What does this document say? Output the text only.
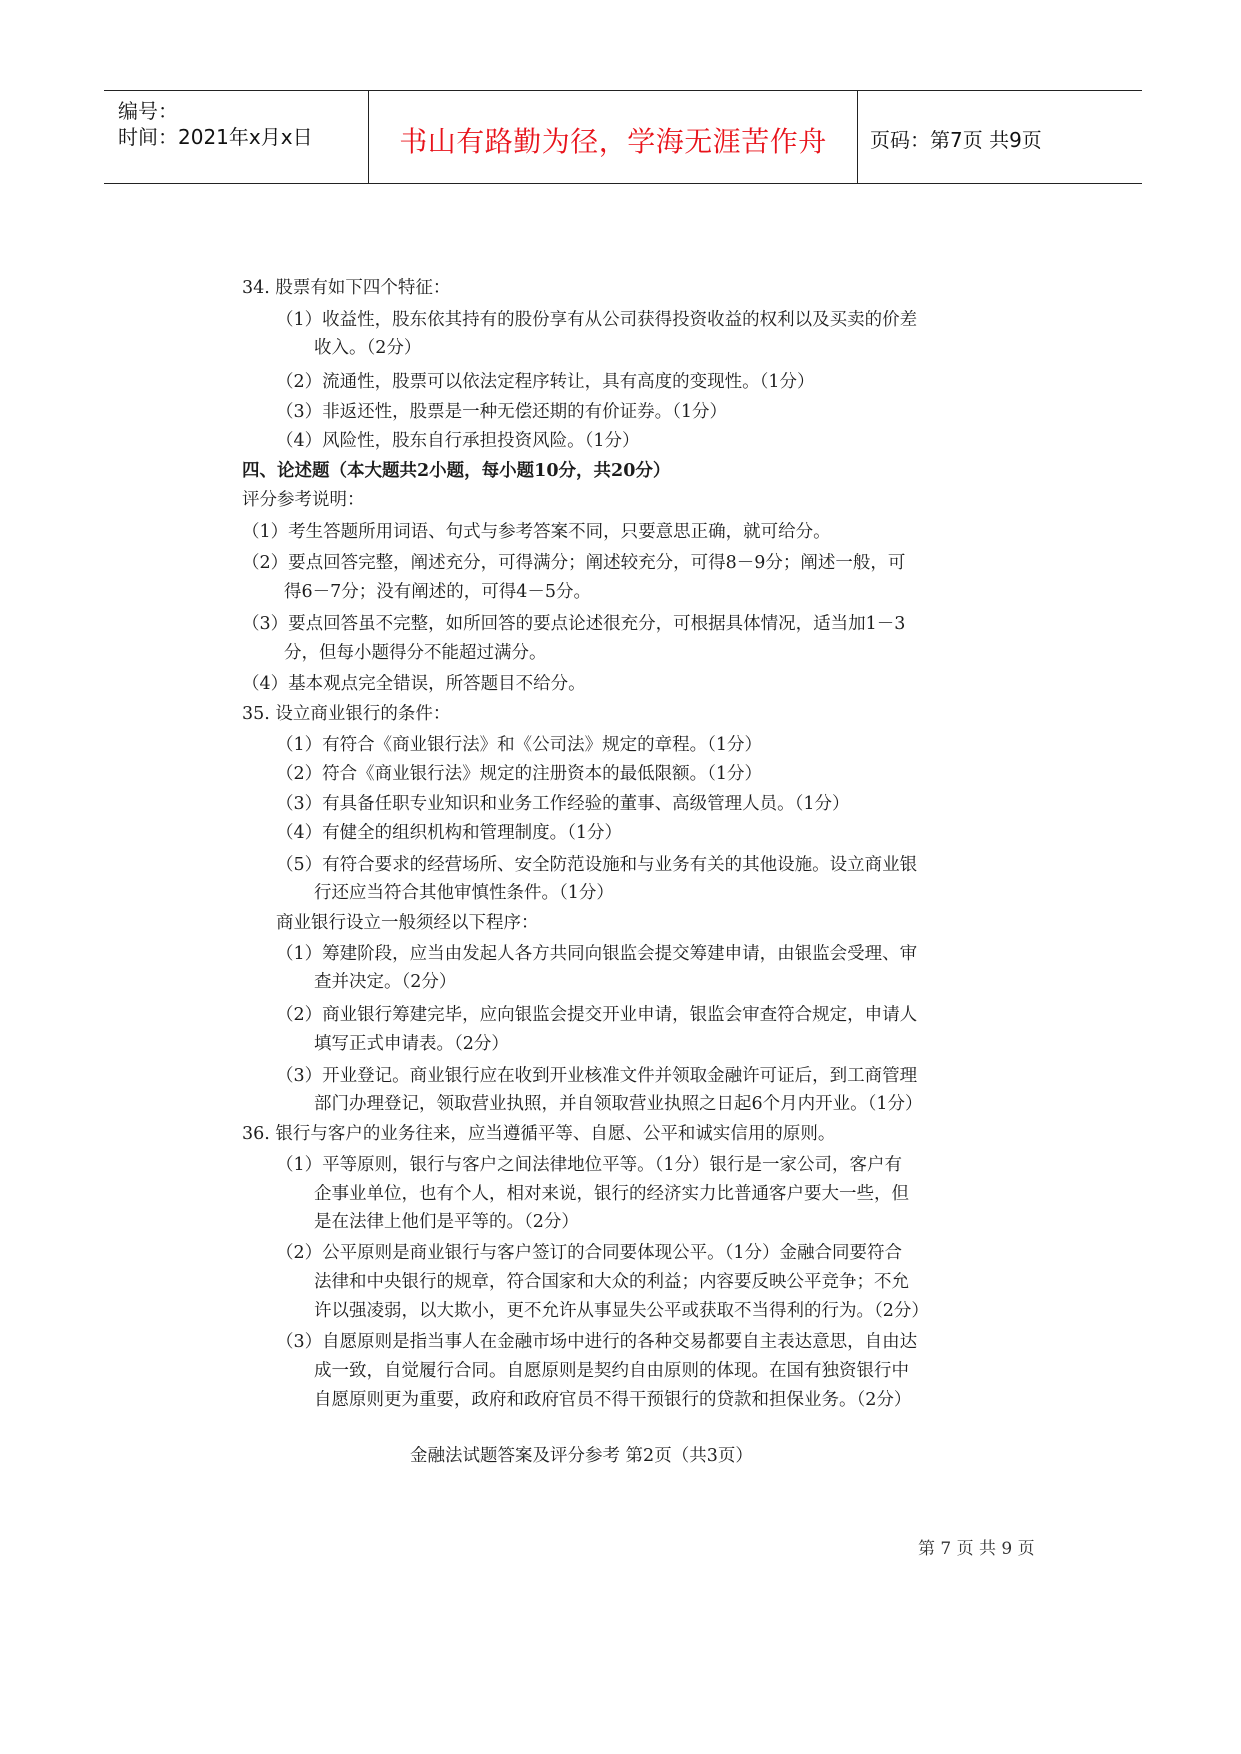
编号：
时间：2021年x月x日	书山有路勤为径，学海无涯苦作舟	页码：第7页 共9页
34. 股票有如下四个特征：
（1）收益性，股东依其持有的股份享有从公司获得投资收益的权利以及买卖的价差
收入。（2分）
（2）流通性，股票可以依法定程序转让，具有高度的变现性。（1分）
（3）非返还性，股票是一种无偿还期的有价证券。（1分）
（4）风险性，股东自行承担投资风险。（1分）
四、论述题（本大题共2小题，每小题10分，共20分）
评分参考说明：
（1）考生答题所用词语、句式与参考答案不同，只要意思正确，就可给分。
（2）要点回答完整，阐述充分，可得满分；阐述较充分，可得8－9分；阐述一般，可
得6－7分；没有阐述的，可得4－5分。
（3）要点回答虽不完整，如所回答的要点论述很充分，可根据具体情况，适当加1－3
分，但每小题得分不能超过满分。
（4）基本观点完全错误，所答题目不给分。
35. 设立商业银行的条件：
（1）有符合《商业银行法》和《公司法》规定的章程。（1分）
（2）符合《商业银行法》规定的注册资本的最低限额。（1分）
（3）有具备任职专业知识和业务工作经验的董事、高级管理人员。（1分）
（4）有健全的组织机构和管理制度。（1分）
（5）有符合要求的经营场所、安全防范设施和与业务有关的其他设施。设立商业银
行还应当符合其他审慎性条件。（1分）
商业银行设立一般须经以下程序：
（1）筹建阶段，应当由发起人各方共同向银监会提交筹建申请，由银监会受理、审
查并决定。（2分）
（2）商业银行筹建完毕，应向银监会提交开业申请，银监会审查符合规定，申请人
填写正式申请表。（2分）
（3）开业登记。商业银行应在收到开业核准文件并领取金融许可证后，到工商管理
部门办理登记，领取营业执照，并自领取营业执照之日起6个月内开业。（1分）
36. 银行与客户的业务往来，应当遵循平等、自愿、公平和诚实信用的原则。
（1）平等原则，银行与客户之间法律地位平等。（1分）银行是一家公司，客户有
企事业单位，也有个人，相对来说，银行的经济实力比普通客户要大一些，但
是在法律上他们是平等的。（2分）
（2）公平原则是商业银行与客户签订的合同要体现公平。（1分）金融合同要符合
法律和中央银行的规章，符合国家和大众的利益；内容要反映公平竞争；不允
许以强凌弱，以大欺小，更不允许从事显失公平或获取不当得利的行为。（2分）
（3）自愿原则是指当事人在金融市场中进行的各种交易都要自主表达意思，自由达
成一致，自觉履行合同。自愿原则是契约自由原则的体现。在国有独资银行中
自愿原则更为重要，政府和政府官员不得干预银行的贷款和担保业务。（2分）
金融法试题答案及评分参考 第2页（共3页）
第 7 页 共 9 页
